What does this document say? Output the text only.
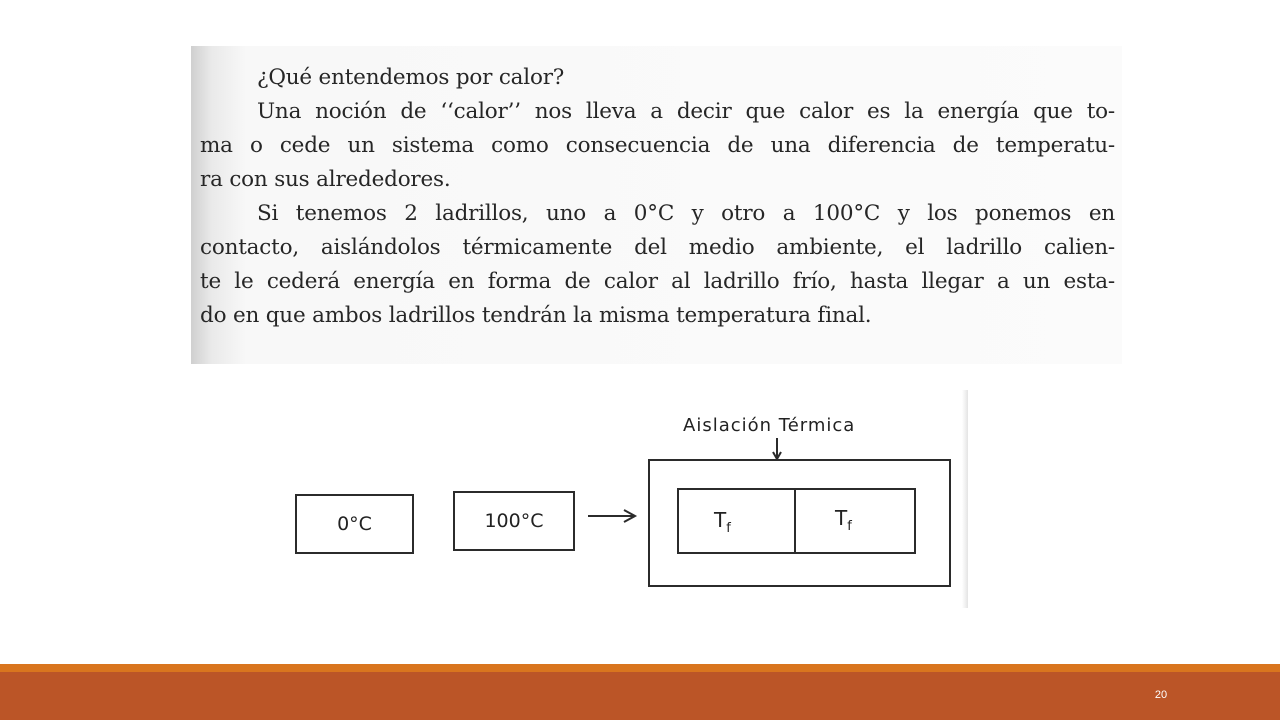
¿Qué entendemos por calor?

Una noción de ‘‘calor’’ nos lleva a decir que calor es la energía que to-

ma o cede un sistema como consecuencia de una diferencia de temperatu-

ra con sus alrededores.

Si tenemos 2 ladrillos, uno a 0°C y otro a 100°C y los ponemos en

contacto, aislándolos térmicamente del medio ambiente, el ladrillo calien-

te le cederá energía en forma de calor al ladrillo frío, hasta llegar a un esta-

do en que ambos ladrillos tendrán la misma temperatura final.

0°C	100°C
Aislación Térmica
$T_f$	$T_f$
20
